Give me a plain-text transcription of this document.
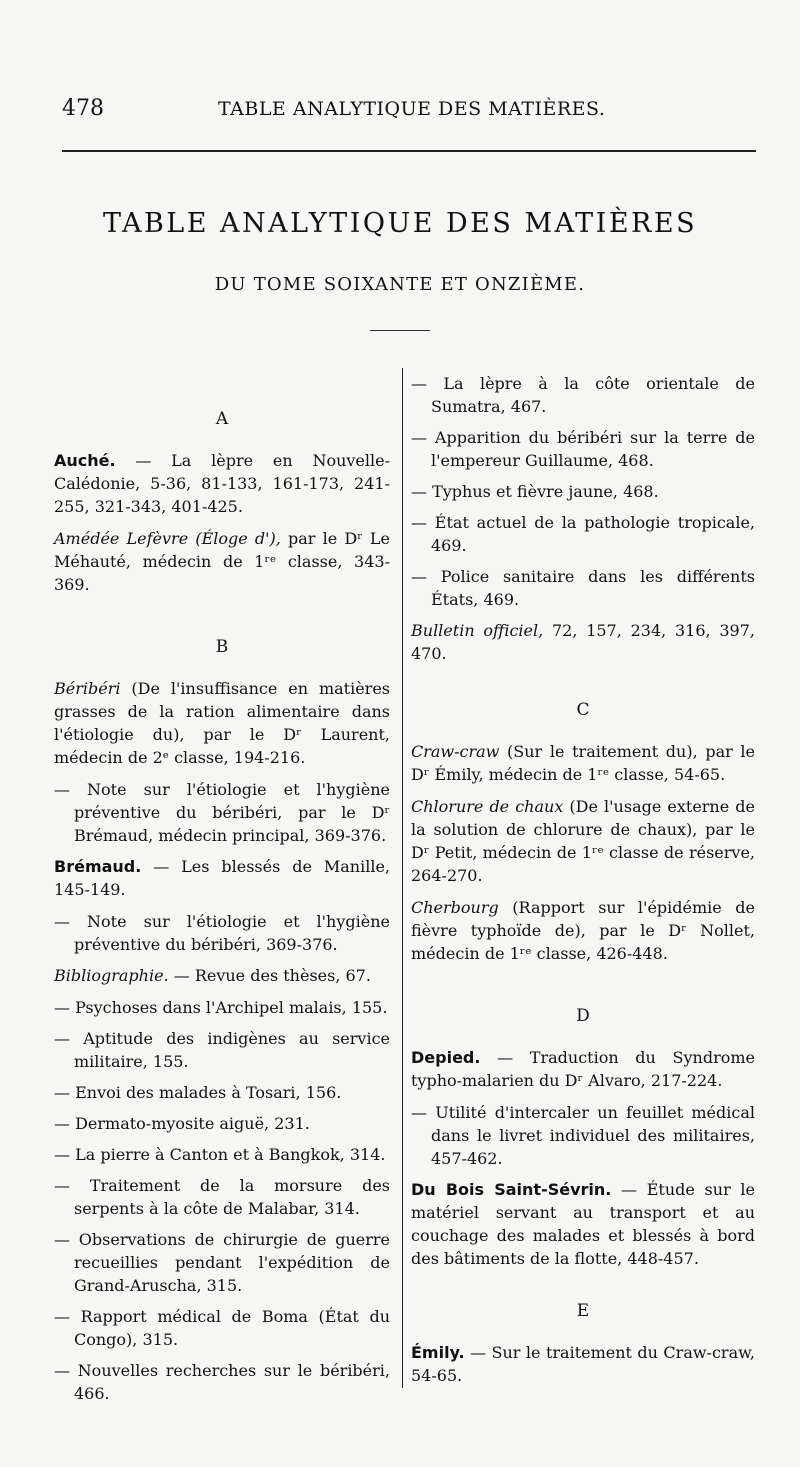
478	TABLE ANALYTIQUE DES MATIÈRES.
TABLE ANALYTIQUE DES MATIÈRES
DU TOME SOIXANTE ET ONZIÈME.
A

Auché. — La lèpre en Nouvelle-Calédonie, 5-36, 81-133, 161-173, 241-255, 321-343, 401-425.

Amédée Lefèvre (Éloge d'), par le Dʳ Le Méhauté, médecin de 1ʳᵉ classe, 343-369.

B

Béribéri (De l'insuffisance en matières grasses de la ration alimentaire dans l'étiologie du), par le Dʳ Laurent, médecin de 2ᵉ classe, 194-216.

— Note sur l'étiologie et l'hygiène préventive du béribéri, par le Dʳ Brémaud, médecin principal, 369-376.

Brémaud. — Les blessés de Manille, 145-149.

— Note sur l'étiologie et l'hygiène préventive du béribéri, 369-376.

Bibliographie. — Revue des thèses, 67.

— Psychoses dans l'Archipel malais, 155.

— Aptitude des indigènes au service militaire, 155.

— Envoi des malades à Tosari, 156.

— Dermato-myosite aiguë, 231.

— La pierre à Canton et à Bangkok, 314.

— Traitement de la morsure des serpents à la côte de Malabar, 314.

— Observations de chirurgie de guerre recueillies pendant l'expédition de Grand-Aruscha, 315.

— Rapport médical de Boma (État du Congo), 315.

— Nouvelles recherches sur le béribéri, 466.

— La lèpre à la côte orientale de Sumatra, 467.

— Apparition du béribéri sur la terre de l'empereur Guillaume, 468.

— Typhus et fièvre jaune, 468.

— État actuel de la pathologie tropicale, 469.

— Police sanitaire dans les différents États, 469.

Bulletin officiel, 72, 157, 234, 316, 397, 470.

C

Craw-craw (Sur le traitement du), par le Dʳ Émily, médecin de 1ʳᵉ classe, 54-65.

Chlorure de chaux (De l'usage externe de la solution de chlorure de chaux), par le Dʳ Petit, médecin de 1ʳᵉ classe de réserve, 264-270.

Cherbourg (Rapport sur l'épidémie de fièvre typhoïde de), par le Dʳ Nollet, médecin de 1ʳᵉ classe, 426-448.

D

Depied. — Traduction du Syndrome typho-malarien du Dʳ Alvaro, 217-224.

— Utilité d'intercaler un feuillet médical dans le livret individuel des militaires, 457-462.

Du Bois Saint-Sévrin. — Étude sur le matériel servant au transport et au couchage des malades et blessés à bord des bâtiments de la flotte, 448-457.

E

Émily. — Sur le traitement du Craw-craw, 54-65.
